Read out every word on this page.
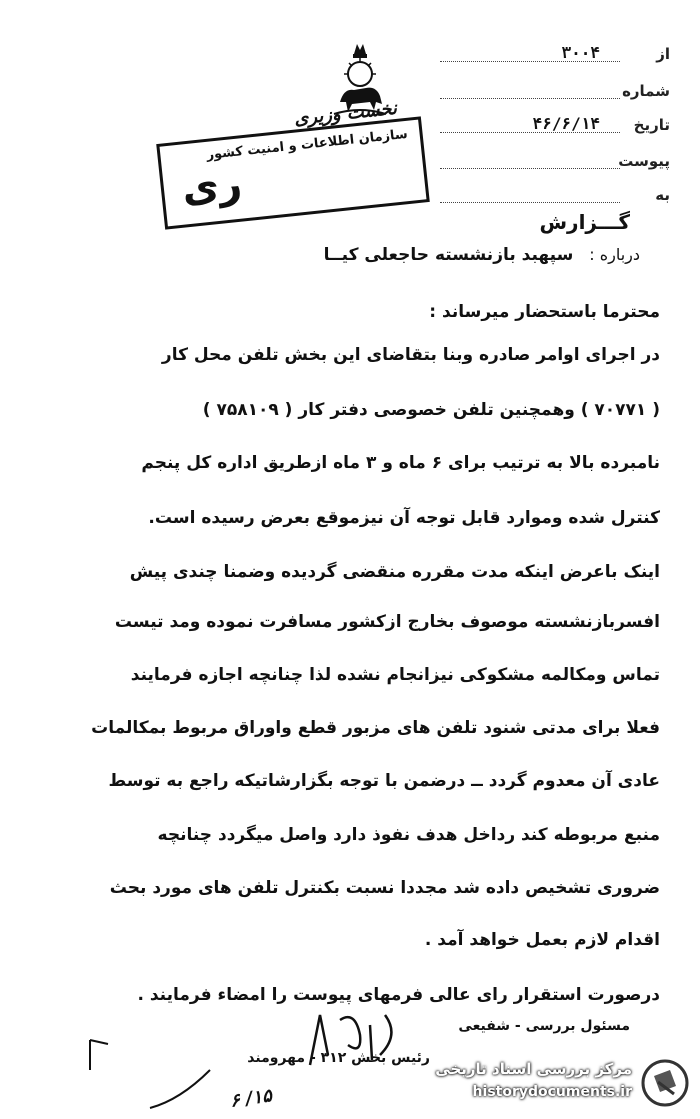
از
۳۰۰۴
شماره
تاریخ
۴۶/۶/۱۴
پیوست
به
نخست وزیری
سازمان اطلاعات و امنیت کشور
ری
گـــزارش
درباره : سپهبد بازنشسته حاجعلی کیــا
محترما باستحضار میرساند :
در اجرای اوامر صادره وبنا بتقاضای این بخش تلفن محل کار
( ۷۰۷۷۱ ) وهمچنین تلفن خصوصی دفتر کار ( ۷۵۸۱۰۹ )
نامبرده بالا به ترتیب برای ۶ ماه و ۳ ماه ازطریق اداره کل پنجم
کنترل شده وموارد قابل توجه آن نیزموقع بعرض رسیده است.
اینک باعرض اینکه مدت مقرره منقضی گردیده وضمنا چندی پیش
افسربازنشسته موصوف بخارج ازکشور مسافرت نموده ومد تیست
تماس ومکالمه مشکوکی نیزانجام نشده لذا چنانچه اجازه فرمایند
فعلا برای مدتی شنود تلفن های مزبور قطع واوراق مربوط بمکالمات
عادی آن معدوم گردد ــ درضمن با توجه بگزارشاتیکه راجع به توسط
منبع مربوطه کند رداخل هدف نفوذ دارد واصل میگردد چنانچه
ضروری تشخیص داده شد مجددا نسبت بکنترل تلفن های مورد بحث
اقدام لازم بعمل خواهد آمد .
درصورت استقرار رای عالی فرمهای پیوست را امضاء فرمایند .
مسئول بررسی - شفیعی
رئیس بخش ۳۱۲ - مهرومند
۱۵/ ۶
مرکز بررسی اسناد تاریخی
historydocuments.ir
